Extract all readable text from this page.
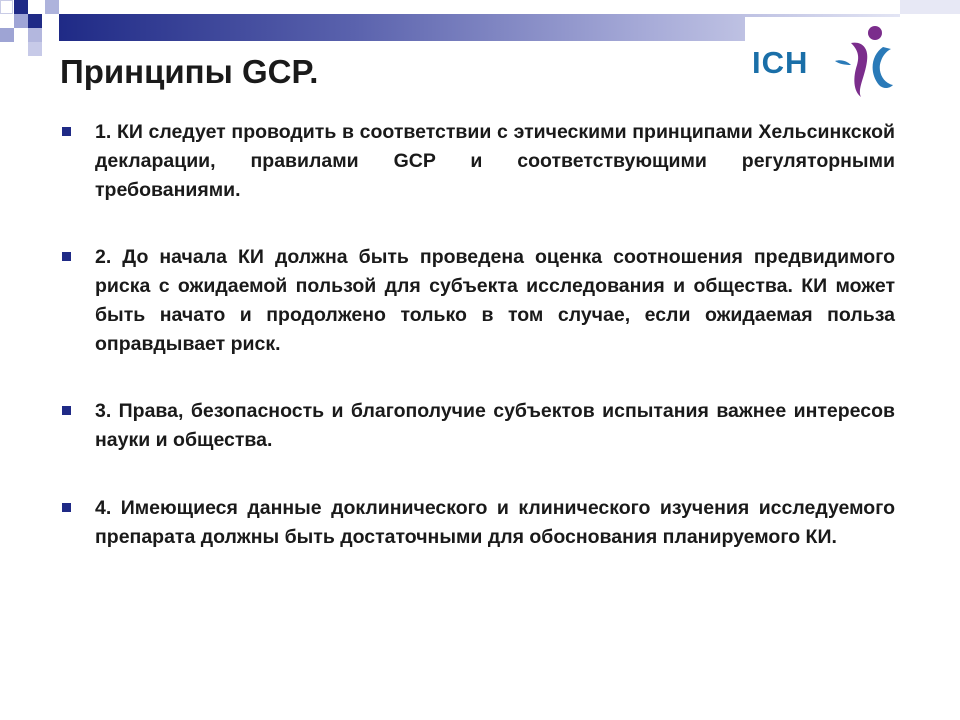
ICH
Принципы GCP.
1. КИ следует проводить в соответствии с этическими принципами Хельсинкской декларации, правилами GCP и соответствующими регуляторными требованиями.
2. До начала КИ должна быть проведена оценка соотношения предвидимого риска с ожидаемой пользой для субъекта исследования и общества. КИ может быть начато и продолжено только в том случае, если ожидаемая польза оправдывает риск.
3. Права, безопасность и благополучие субъектов испытания важнее интересов науки и общества.
4. Имеющиеся данные доклинического и клинического изучения исследуемого препарата должны быть достаточными для обоснования планируемого КИ.
